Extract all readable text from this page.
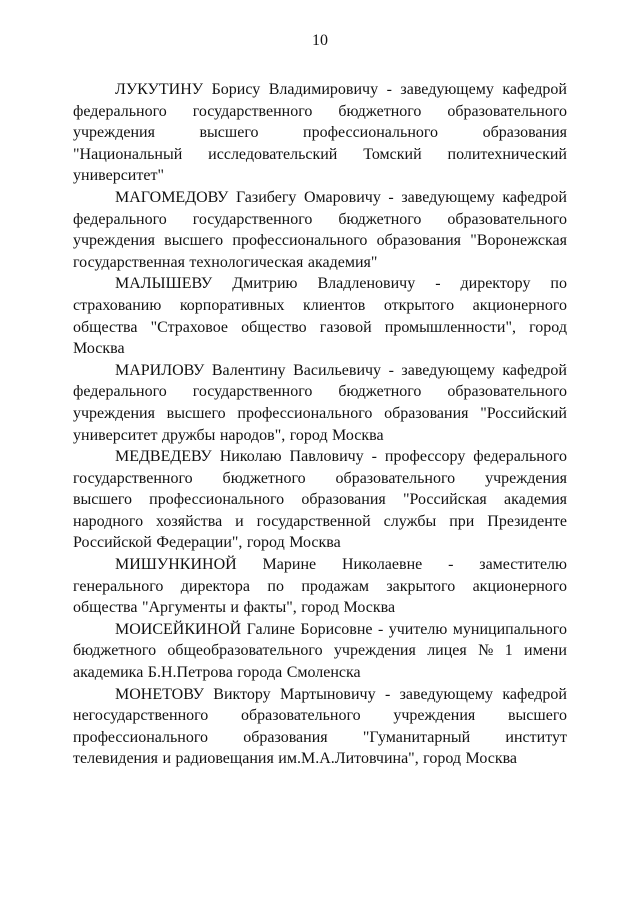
10
ЛУКУТИНУ Борису Владимировичу - заведующему кафедрой
федерального государственного бюджетного образовательного
учреждения	высшего	профессионального	образования
"Национальный исследовательский Томский политехнический
университет"
МАГОМЕДОВУ Газибегу Омаровичу - заведующему кафедрой
федерального государственного бюджетного образовательного
учреждения высшего профессионального образования "Воронежская
государственная технологическая академия"
МАЛЫШЕВУ Дмитрию Владленовичу - директору по
страхованию корпоративных клиентов открытого акционерного
общества "Страховое общество газовой промышленности", город
Москва
МАРИЛОВУ Валентину Васильевичу - заведующему кафедрой
федерального государственного бюджетного образовательного
учреждения высшего профессионального образования "Российский
университет дружбы народов", город Москва
МЕДВЕДЕВУ Николаю Павловичу - профессору федерального
государственного бюджетного образовательного учреждения
высшего профессионального образования "Российская академия
народного хозяйства и государственной службы при Президенте
Российской Федерации", город Москва
МИШУНКИНОЙ Марине Николаевне - заместителю
генерального директора по продажам закрытого акционерного
общества "Аргументы и факты", город Москва
МОИСЕЙКИНОЙ Галине Борисовне - учителю муниципального
бюджетного общеобразовательного учреждения лицея № 1 имени
академика Б.Н.Петрова города Смоленска
МОНЕТОВУ Виктору Мартыновичу - заведующему кафедрой
негосударственного образовательного учреждения высшего
профессионального образования "Гуманитарный институт
телевидения и радиовещания им.М.А.Литовчина", город Москва
